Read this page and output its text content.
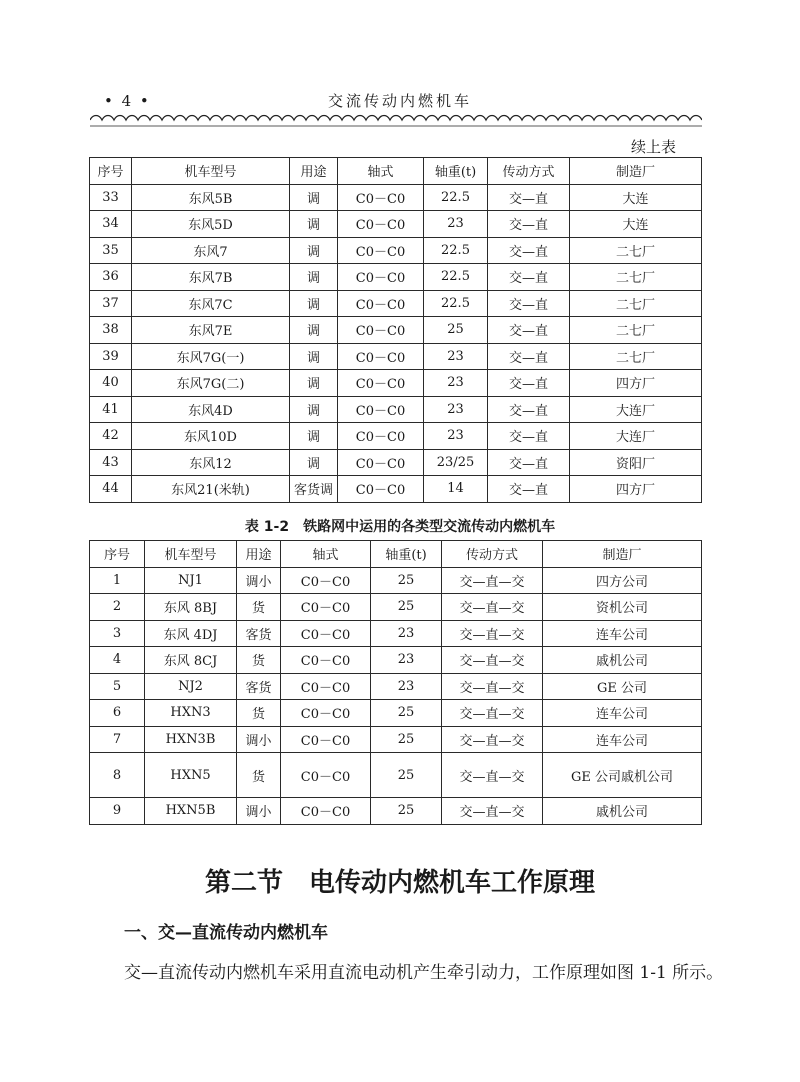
• 4 •	交流传动内燃机车
续上表
序号	机车型号	用途	轴式	轴重(t)	传动方式	制造厂
33	东风5B	调	C0－C0	22.5	交—直	大连
34	东风5D	调	C0－C0	23	交—直	大连
35	东风7	调	C0－C0	22.5	交—直	二七厂
36	东风7B	调	C0－C0	22.5	交—直	二七厂
37	东风7C	调	C0－C0	22.5	交—直	二七厂
38	东风7E	调	C0－C0	25	交—直	二七厂
39	东风7G(一)	调	C0－C0	23	交—直	二七厂
40	东风7G(二)	调	C0－C0	23	交—直	四方厂
41	东风4D	调	C0－C0	23	交—直	大连厂
42	东风10D	调	C0－C0	23	交—直	大连厂
43	东风12	调	C0－C0	23/25	交—直	资阳厂
44	东风21(米轨)	客货调	C0－C0	14	交—直	四方厂
表 1-2　铁路网中运用的各类型交流传动内燃机车
序号	机车型号	用途	轴式	轴重(t)	传动方式	制造厂
1	NJ1	调小	C0－C0	25	交—直—交	四方公司
2	东风 8BJ	货	C0－C0	25	交—直—交	资机公司
3	东风 4DJ	客货	C0－C0	23	交—直—交	连车公司
4	东风 8CJ	货	C0－C0	23	交—直—交	戚机公司
5	NJ2	客货	C0－C0	23	交—直—交	GE 公司
6	HXN3	货	C0－C0	25	交—直—交	连车公司
7	HXN3B	调小	C0－C0	25	交—直—交	连车公司
8	HXN5	货	C0－C0	25	交—直—交	GE 公司戚机公司
9	HXN5B	调小	C0－C0	25	交—直—交	戚机公司
第二节　电传动内燃机车工作原理
一、交—直流传动内燃机车
交—直流传动内燃机车采用直流电动机产生牵引动力，工作原理如图 1-1 所示。
